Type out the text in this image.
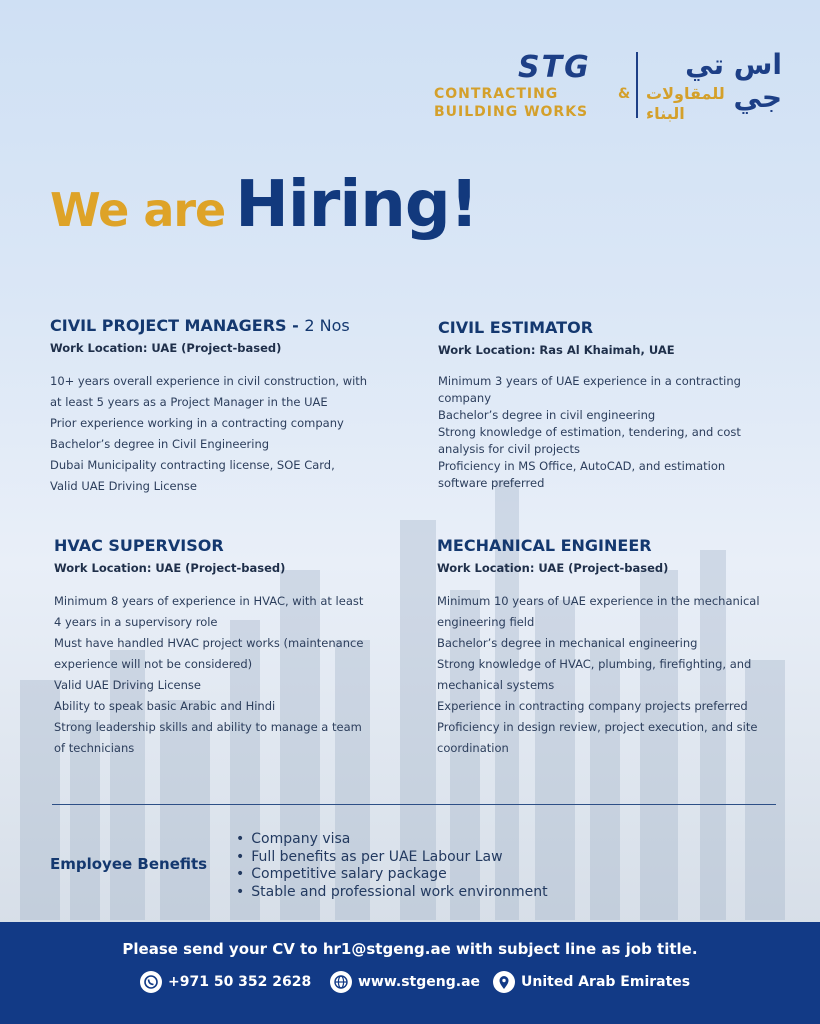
STG
CONTRACTING	&
BUILDING WORKS
اس تي جي
للمقاولات
البناء
We are Hiring!
CIVIL PROJECT MANAGERS - 2 Nos
Work Location: UAE (Project-based)
10+ years overall experience in civil construction, with
at least 5 years as a Project Manager in the UAE
Prior experience working in a contracting company
Bachelor’s degree in Civil Engineering
Dubai Municipality contracting license, SOE Card,
Valid UAE Driving License
CIVIL ESTIMATOR
Work Location: Ras Al Khaimah, UAE
Minimum 3 years of UAE experience in a contracting
company
Bachelor’s degree in civil engineering
Strong knowledge of estimation, tendering, and cost
analysis for civil projects
Proficiency in MS Office, AutoCAD, and estimation
software preferred
HVAC SUPERVISOR
Work Location: UAE (Project-based)
Minimum 8 years of experience in HVAC, with at least
4 years in a supervisory role
Must have handled HVAC project works (maintenance
experience will not be considered)
Valid UAE Driving License
Ability to speak basic Arabic and Hindi
Strong leadership skills and ability to manage a team
of technicians
MECHANICAL ENGINEER
Work Location: UAE (Project-based)
Minimum 10 years of UAE experience in the mechanical
engineering field
Bachelor’s degree in mechanical engineering
Strong knowledge of HVAC, plumbing, firefighting, and
mechanical systems
Experience in contracting company projects preferred
Proficiency in design review, project execution, and site
coordination
Employee Benefits
• Company visa
• Full benefits as per UAE Labour Law
• Competitive salary package
• Stable and professional work environment
Please send your CV to hr1@stgeng.ae with subject line as job title.
+971 50 352 2628	www.stgeng.ae	United Arab Emirates
